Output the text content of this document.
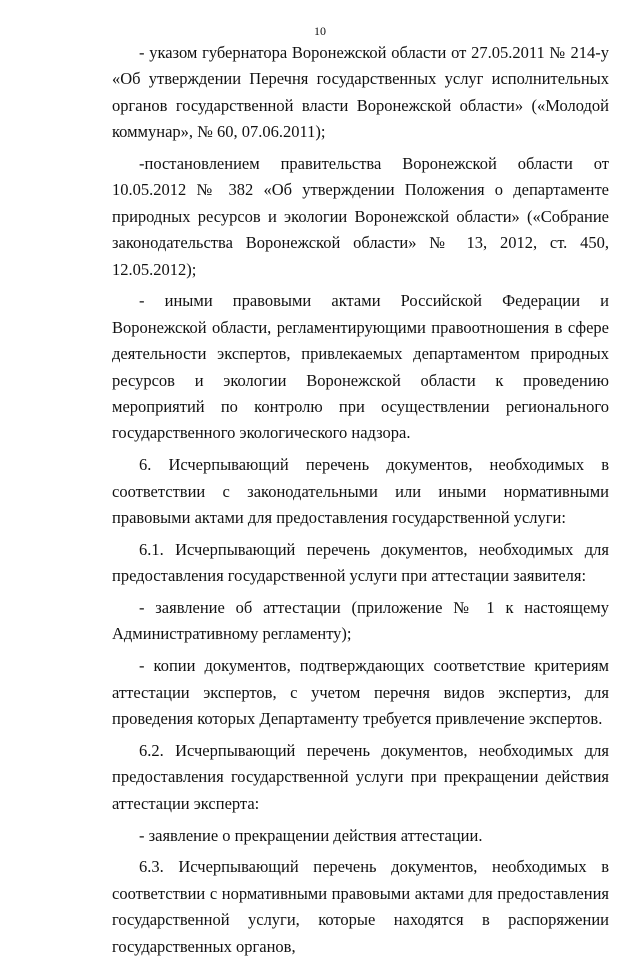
10

- указом губернатора Воронежской области от 27.05.2011 № 214-у «Об утверждении Перечня государственных услуг исполнительных органов государственной власти Воронежской области» («Молодой коммунар», № 60, 07.06.2011);

-постановлением правительства Воронежской области от 10.05.2012 № 382 «Об утверждении Положения о департаменте природных ресурсов и экологии Воронежской области» («Собрание законодательства Воронежской области» № 13, 2012, ст. 450, 12.05.2012);

- иными правовыми актами Российской Федерации и Воронежской области, регламентирующими правоотношения в сфере деятельности экспертов, привлекаемых департаментом природных ресурсов и экологии Воронежской области к проведению мероприятий по контролю при осуществлении регионального государственного экологического надзора.

6. Исчерпывающий перечень документов, необходимых в соответствии с законодательными или иными нормативными правовыми актами для предоставления государственной услуги:

6.1. Исчерпывающий перечень документов, необходимых для предоставления государственной услуги при аттестации заявителя:

- заявление об аттестации (приложение № 1 к настоящему Административному регламенту);

- копии документов, подтверждающих соответствие критериям аттестации экспертов, с учетом перечня видов экспертиз, для проведения которых Департаменту требуется привлечение экспертов.

6.2. Исчерпывающий перечень документов, необходимых для предоставления государственной услуги при прекращении действия аттестации эксперта:

- заявление о прекращении действия аттестации.

6.3. Исчерпывающий перечень документов, необходимых в соответствии с нормативными правовыми актами для предоставления государственной услуги, которые находятся в распоряжении государственных органов,
